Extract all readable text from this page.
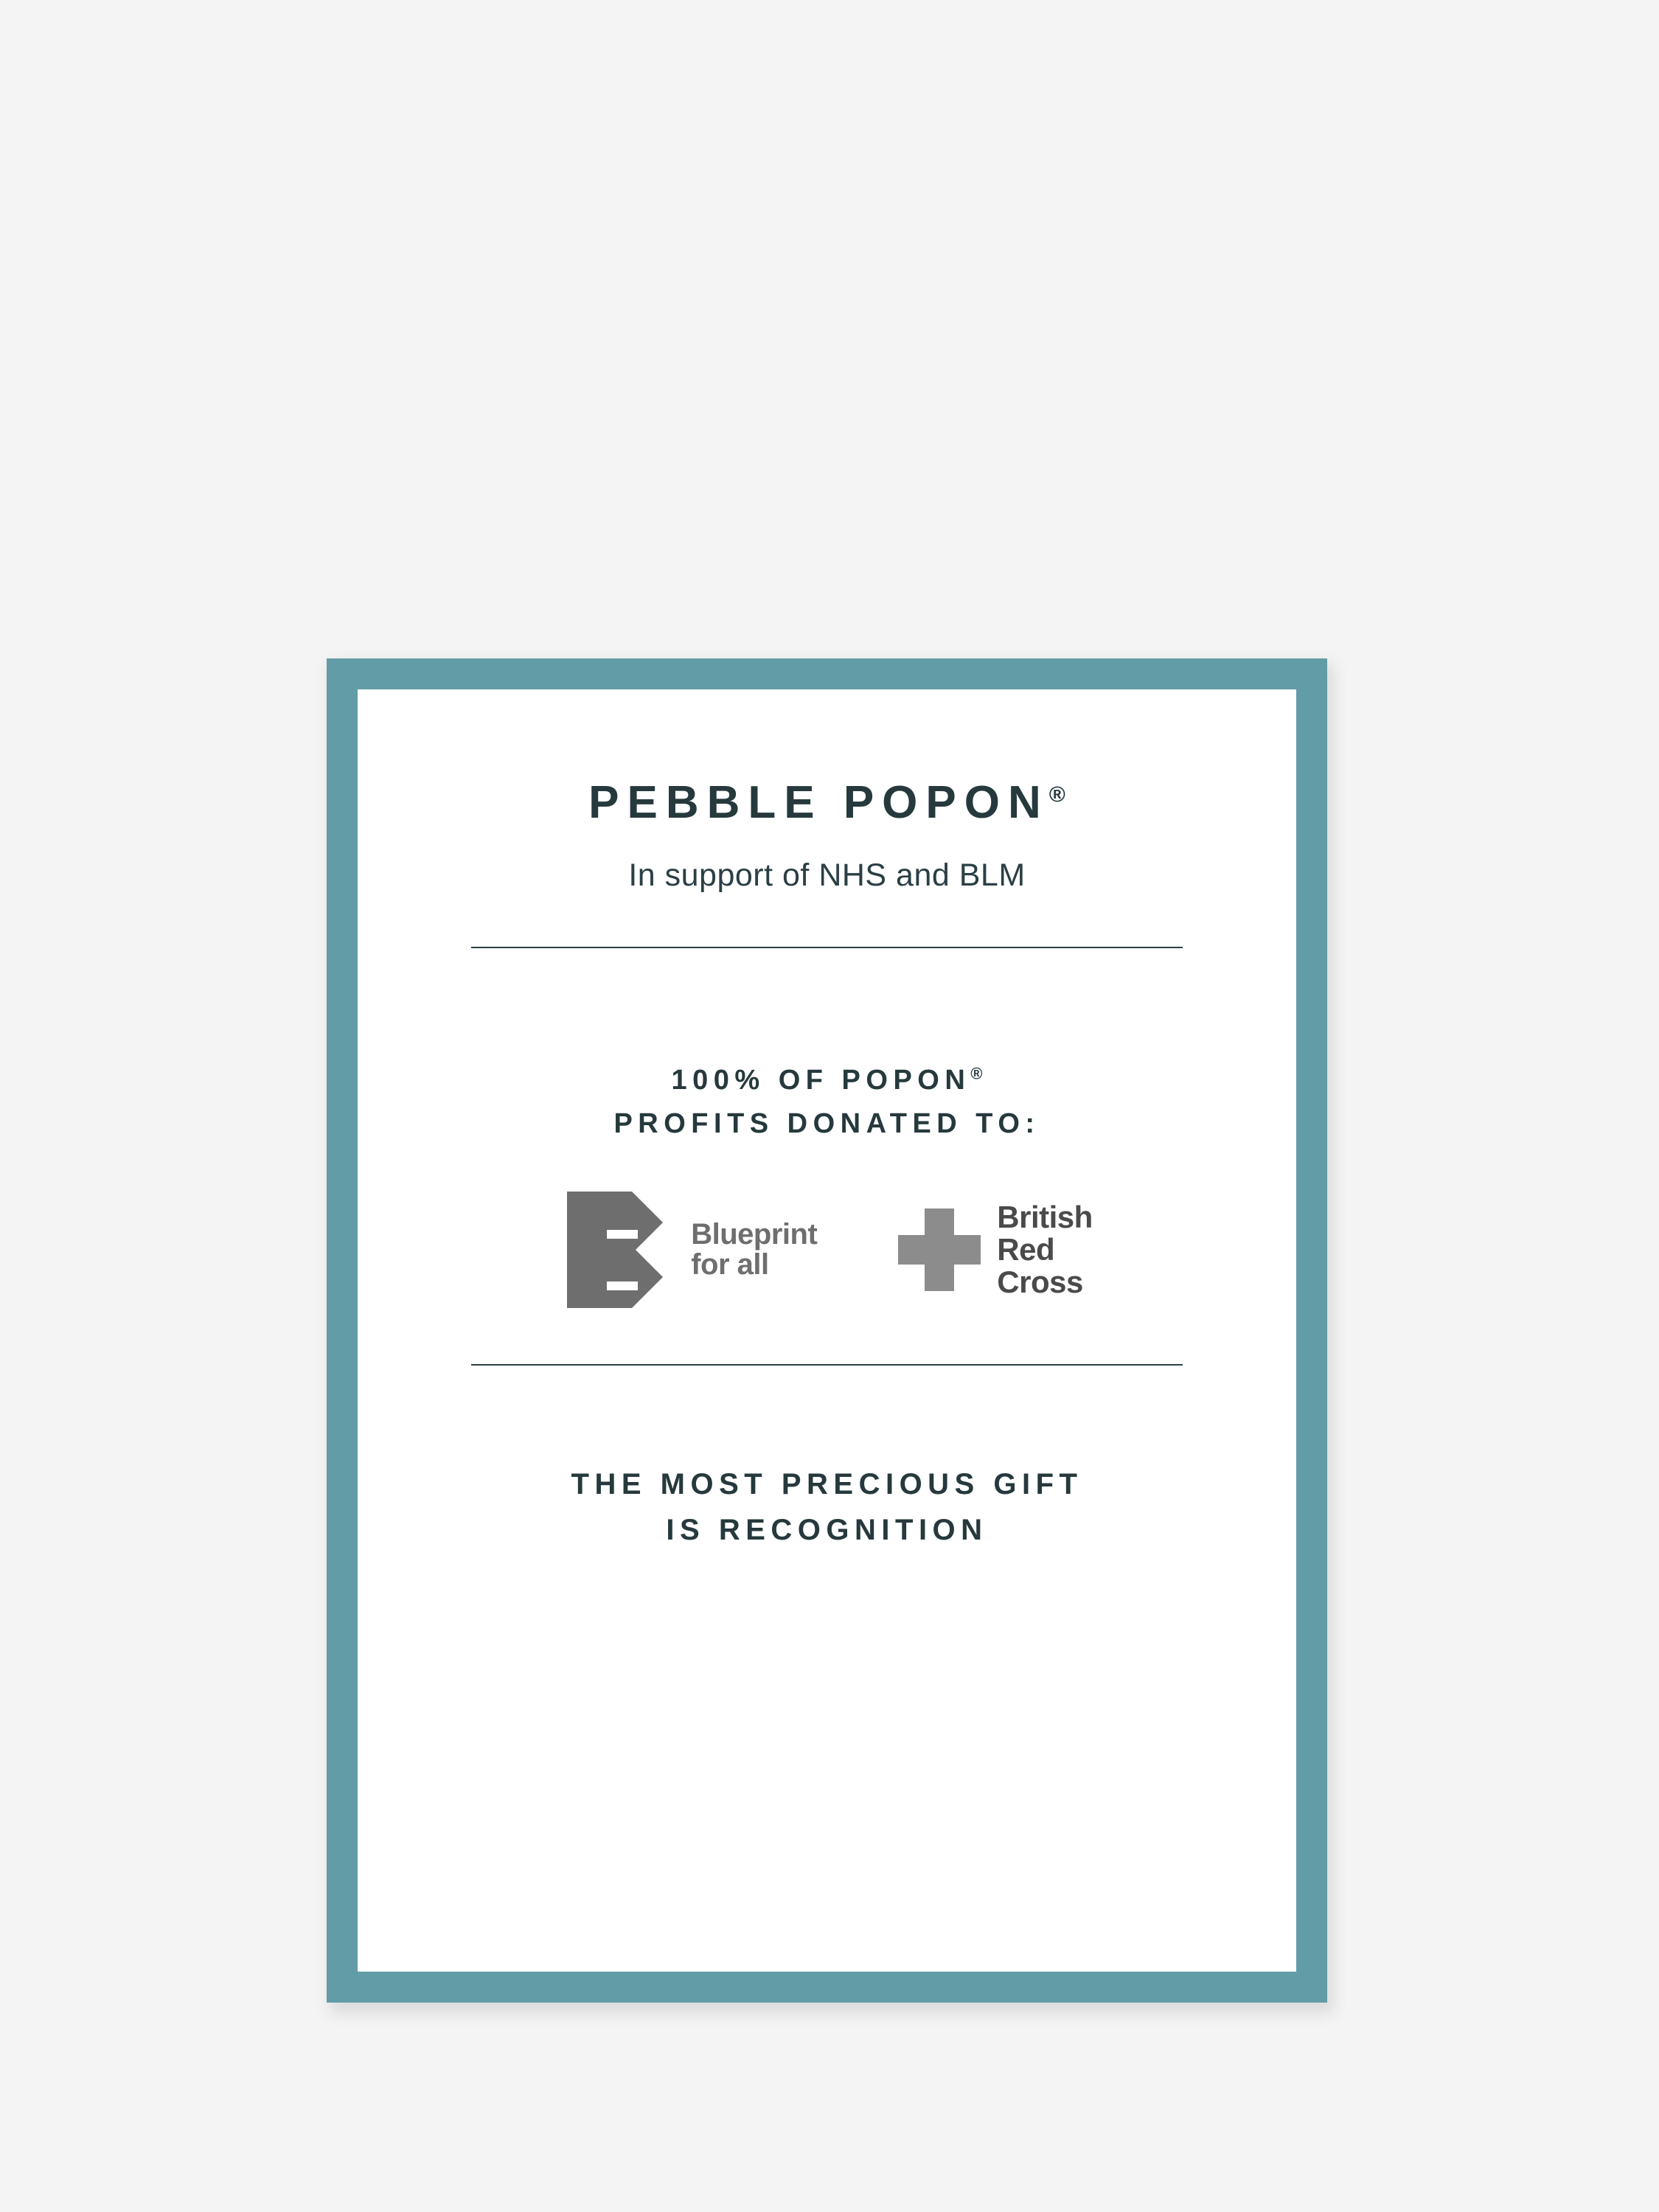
PEBBLE POPON®
In support of NHS and BLM
100% OF POPON®
PROFITS DONATED TO:
Blueprint
for all
British
Red
Cross
THE MOST PRECIOUS GIFT
IS RECOGNITION
